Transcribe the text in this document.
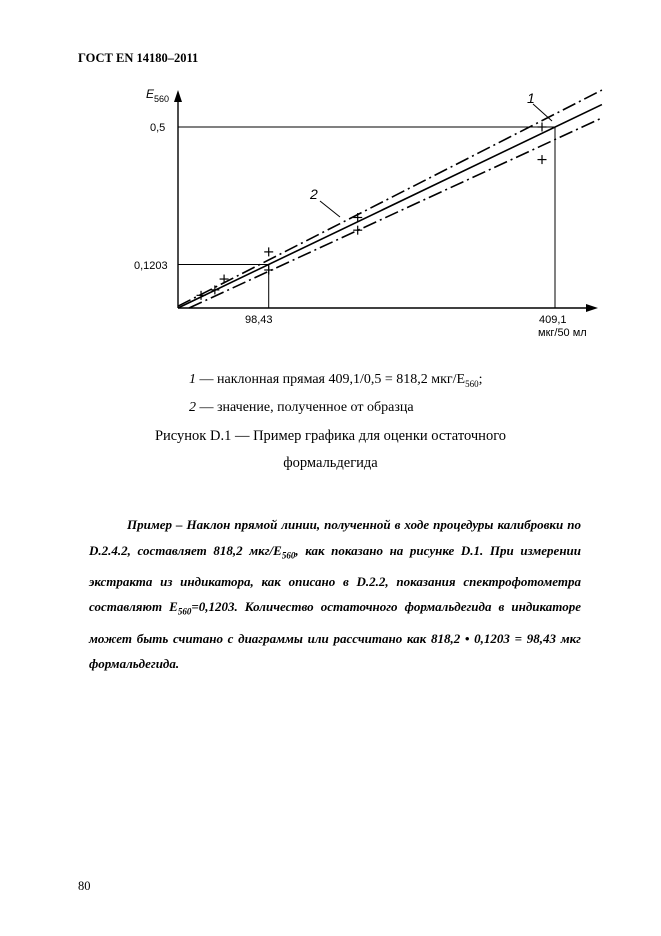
ГОСТ EN 14180–2011
E 560
0,5
0,1203
98,43	409,1
мкг/50 мл
1
2
1 — наклонная прямая 409,1/0,5 = 818,2 мкг/$E_{560}$;
2 — значение, полученное от образца
Рисунок D.1 — Пример графика для оценки остаточного
формальдегида
Пример – Наклон прямой линии, полученной в ходе процедуры калибровки по D.2.4.2, составляет 818,2 мкг/$E_{560}$, как показано на рисунке D.1. При измерении экстракта из индикатора, как описано в D.2.2, показания спектрофотометра составляют $E_{560}=0,1203$. Количество остаточного формальдегида в индикаторе может быть считано с диаграммы или рассчитано как 818,2 • 0,1203 = 98,43 мкг формальдегида.
80
